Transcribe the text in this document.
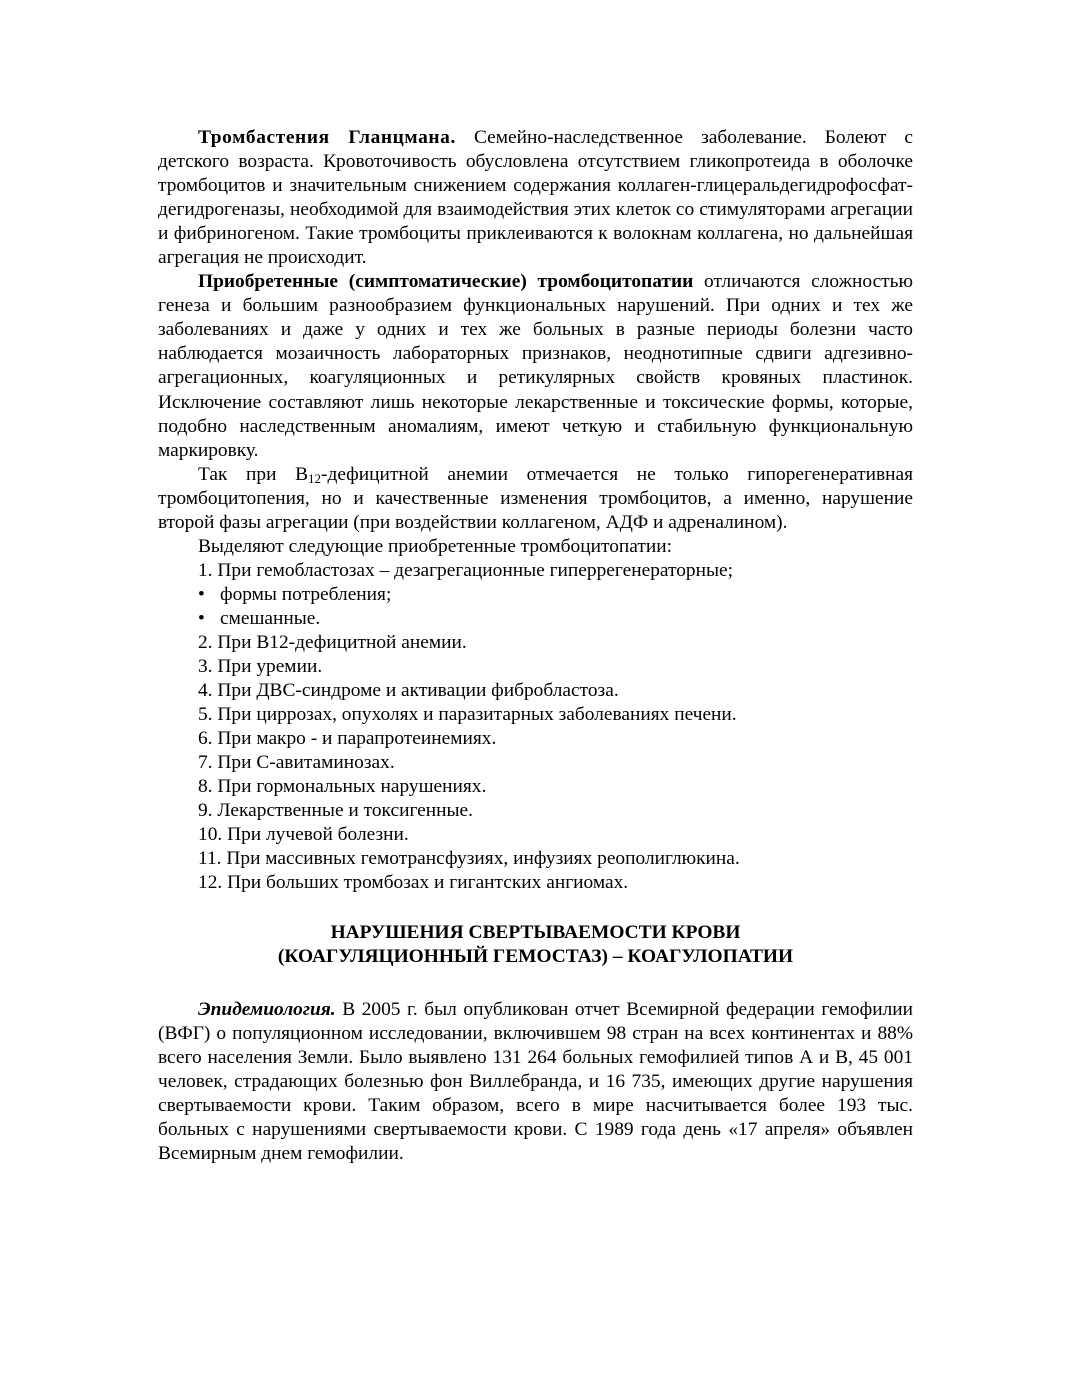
Тромбастения Гланцмана. Семейно-наследственное заболевание. Болеют с детского возраста. Кровоточивость обусловлена отсутствием гликопротеида в оболочке тромбоцитов и значительным снижением содержания коллаген-глицеральдегидрофосфат-дегидрогеназы, необходимой для взаимодействия этих клеток со стимуляторами агрегации и фибриногеном. Такие тромбоциты приклеиваются к волокнам коллагена, но дальнейшая агрегация не происходит.

Приобретенные (симптоматические) тромбоцитопатии отличаются сложностью генеза и большим разнообразием функциональных нарушений. При одних и тех же заболеваниях и даже у одних и тех же больных в разные периоды болезни часто наблюдается мозаичность лабораторных признаков, неоднотипные сдвиги адгезивно-агрегационных, коагуляционных и ретикулярных свойств кровяных пластинок. Исключение составляют лишь некоторые лекарственные и токсические формы, которые, подобно наследственным аномалиям, имеют четкую и стабильную функциональную маркировку.

Так при $В_{12}$-дефицитной анемии отмечается не только гипорегенеративная тромбоцитопения, но и качественные изменения тромбоцитов, а именно, нарушение второй фазы агрегации (при воздействии коллагеном, АДФ и адреналином).

Выделяют следующие приобретенные тромбоцитопатии:

1. При гемобластозах – дезагрегационные гиперрегенераторные;

• формы потребления;

• смешанные.

2. При В12-дефицитной анемии.

3. При уремии.

4. При ДВС-синдроме и активации фибробластоза.

5. При циррозах, опухолях и паразитарных заболеваниях печени.

6. При макро - и парапротеинемиях.

7. При С-авитаминозах.

8. При гормональных нарушениях.

9. Лекарственные и токсигенные.

10. При лучевой болезни.

11. При массивных гемотрансфузиях, инфузиях реополиглюкина.

12. При больших тромбозах и гигантских ангиомах.

НАРУШЕНИЯ СВЕРТЫВАЕМОСТИ КРОВИ
(КОАГУЛЯЦИОННЫЙ ГЕМОСТАЗ) – КОАГУЛОПАТИИ

Эпидемиология. В 2005 г. был опубликован отчет Всемирной федерации гемофилии (ВФГ) о популяционном исследовании, включившем 98 стран на всех континентах и 88% всего населения Земли. Было выявлено 131 264 больных гемофилией типов А и В, 45 001 человек, страдающих болезнью фон Виллебранда, и 16 735, имеющих другие нарушения свертываемости крови. Таким образом, всего в мире насчитывается более 193 тыс. больных с нарушениями свертываемости крови. С 1989 года день «17 апреля» объявлен Всемирным днем гемофилии.
